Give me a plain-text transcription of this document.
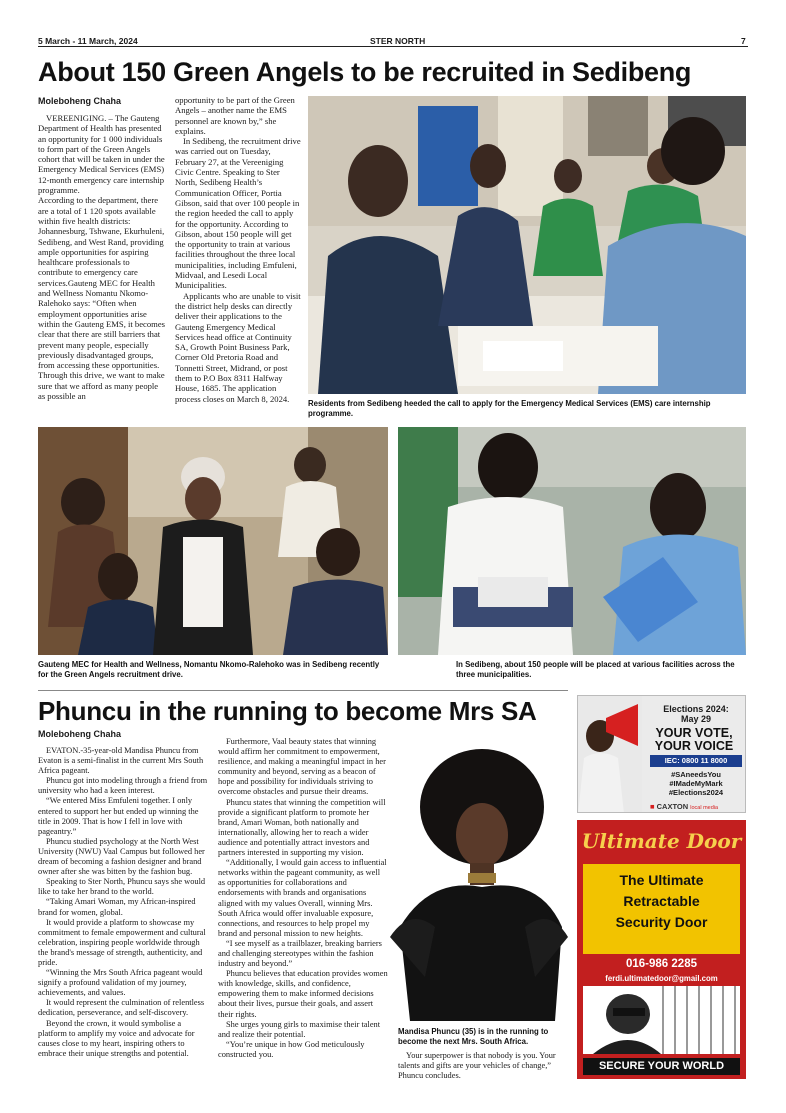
5 March - 11 March, 2024	STER NORTH	7
About 150 Green Angels to be recruited in Sedibeng
Moleboheng Chaha

VEREENIGING. – The Gauteng Department of Health has presented an opportunity for 1 000 individuals to form part of the Green Angels cohort that will be taken in under the Emergency Medical Services (EMS) 12-month emergency care internship programme.

According to the department, there are a total of 1 120 spots available within five health districts: Johannesburg, Tshwane, Ekurhuleni, Sedibeng, and West Rand, providing ample opportunities for aspiring healthcare professionals to contribute to emergency care services.Gauteng MEC for Health and Wellness Nomantu Nkomo-Ralehoko says: “Often when employment opportunities arise within the Gauteng EMS, it becomes clear that there are still barriers that prevent many people, especially previously disadvantaged groups, from accessing these opportunities. Through this drive, we want to make sure that we afford as many people as possible an

opportunity to be part of the Green Angels – another name the EMS personnel are known by,” she explains.

In Sedibeng, the recruitment drive was carried out on Tuesday, February 27, at the Vereeniging Civic Centre. Speaking to Ster North, Sedibeng Health’s Communication Officer, Portia Gibson, said that over 100 people in the region heeded the call to apply for the opportunity. According to Gibson, about 150 people will get the opportunity to train at various facilities throughout the three local municipalities, including Emfuleni, Midvaal, and Lesedi Local Municipalities.

Applicants who are unable to visit the district help desks can directly deliver their applications to the Gauteng Emergency Medical Services head office at Continuity SA, Growth Point Business Park, Corner Old Pretoria Road and Tonnetti Street, Midrand, or post them to P.O Box 8311 Halfway House, 1685. The application process closes on March 8, 2024.	Residents from Sedibeng heeded the call to apply for the Emergency Medical Services (EMS) care internship programme.
Gauteng MEC for Health and Wellness, Nomantu Nkomo-Ralehoko was in Sedibeng recently for the Green Angels recruitment drive.
In Sedibeng, about 150 people will be placed at various facilities across the three municipalities.
Phuncu in the running to become Mrs SA
Moleboheng Chaha

EVATON.-35-year-old Mandisa Phuncu from Evaton is a semi-finalist in the current Mrs South Africa pageant.

Phuncu got into modeling through a friend from university who had a keen interest.

“We entered Miss Emfuleni together. I only entered to support her but ended up winning the title in 2009. That is how I fell in love with pageantry.”

Phuncu studied psychology at the North West University (NWU) Vaal Campus but followed her dream of becoming a fashion designer and brand owner after she was bitten by the fashion bug.

Speaking to Ster North, Phuncu says she would like to take her brand to the world.

“Taking Amari Woman, my African-inspired brand for women, global.

It would provide a platform to showcase my commitment to female empowerment and cultural celebration, inspiring people worldwide through the brand's message of strength, authenticity, and pride.

“Winning the Mrs South Africa pageant would signify a profound validation of my journey, achievements, and values.

It would represent the culmination of relentless dedication, perseverance, and self-discovery.

Beyond the crown, it would symbolise a platform to amplify my voice and advocate for causes close to my heart, inspiring others to embrace their unique strengths and potential.

Furthermore, Vaal beauty states that winning would affirm her commitment to empowerment, resilience, and making a meaningful impact in her community and beyond, serving as a beacon of hope and possibility for individuals striving to overcome obstacles and pursue their dreams.

Phuncu states that winning the competition will provide a significant platform to promote her brand, Amari Woman, both nationally and internationally, allowing her to reach a wider audience and potentially attract investors and partners interested in supporting my vision.

“Additionally, I would gain access to influential networks within the pageant community, as well as opportunities for collaborations and endorsements with brands and organisations aligned with my values Overall, winning Mrs. South Africa would offer invaluable exposure, connections, and resources to help propel my brand and personal mission to new heights.

“I see myself as a trailblazer, breaking barriers and challenging stereotypes within the fashion industry and beyond.”

Phuncu believes that education provides women with knowledge, skills, and confidence, empowering them to make informed decisions about their lives, pursue their goals, and assert their rights.

She urges young girls to maximise their talent and realize their potential.

“You’re unique in how God meticulously constructed you.

Mandisa Phuncu (35) is in the running to become the next Mrs. South Africa.
Your superpower is that nobody is you. Your talents and gifts are your vehicles of change,” Phuncu concludes.
Elections 2024:
May 29
YOUR VOTE,
YOUR VOICE
IEC: 0800 11 8000
#SAneedsYou
#IMadeMyMark
#Elections2024
■ CAXTON local media
Ultimate Door
The Ultimate
Retractable
Security Door
016-986 2285
ferdi.ultimatedoor@gmail.com
SECURE YOUR WORLD
